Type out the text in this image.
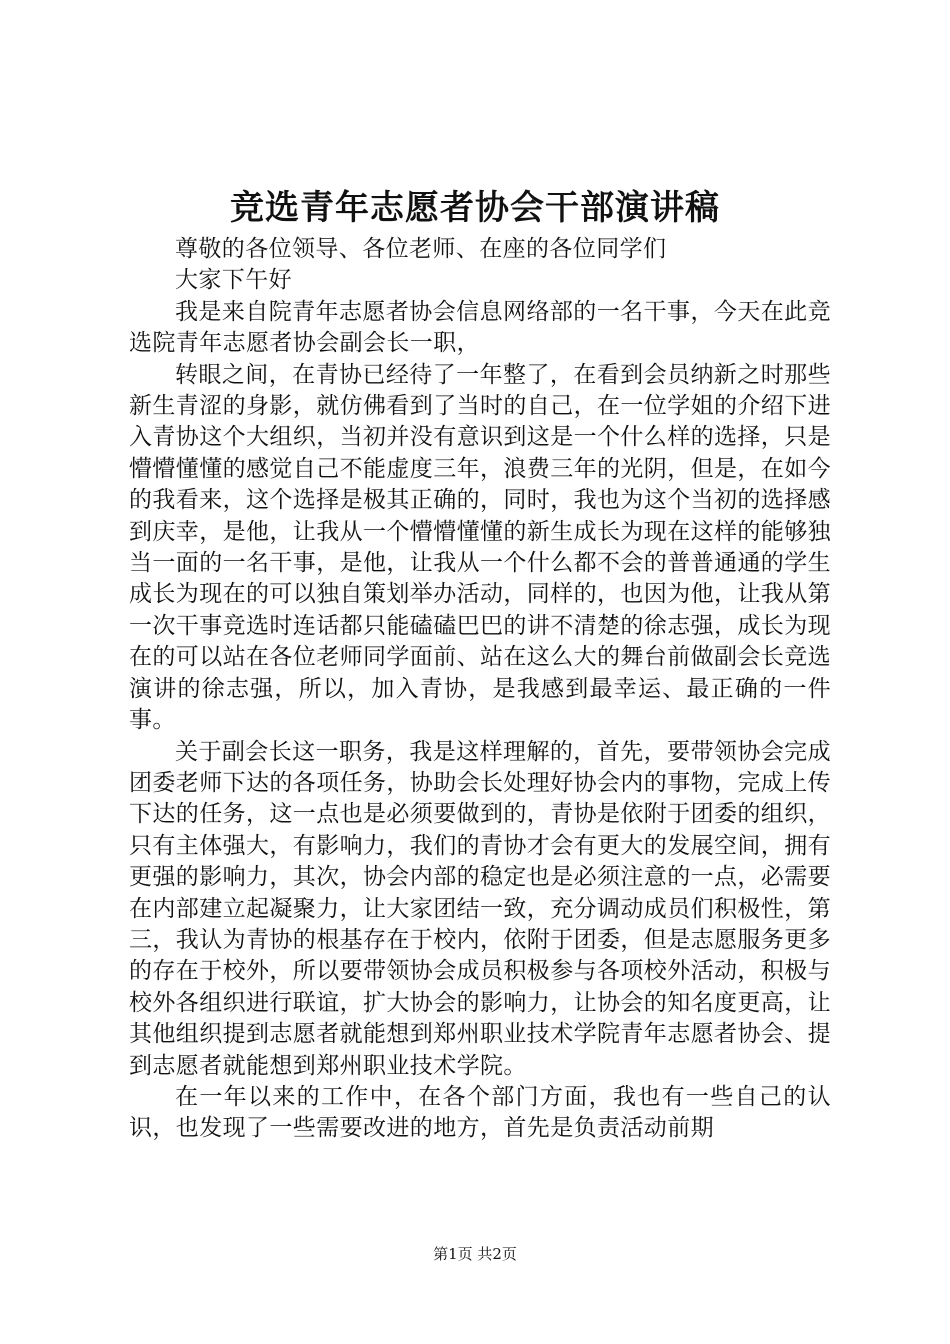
竞选青年志愿者协会干部演讲稿

尊敬的各位领导、各位老师、在座的各位同学们

大家下午好

我是来自院青年志愿者协会信息网络部的一名干事，今天在此竞选院青年志愿者协会副会长一职，

转眼之间，在青协已经待了一年整了，在看到会员纳新之时那些新生青涩的身影，就仿佛看到了当时的自己，在一位学姐的介绍下进入青协这个大组织，当初并没有意识到这是一个什么样的选择，只是懵懵懂懂的感觉自己不能虚度三年，浪费三年的光阴，但是，在如今的我看来，这个选择是极其正确的，同时，我也为这个当初的选择感到庆幸，是他，让我从一个懵懵懂懂的新生成长为现在这样的能够独当一面的一名干事，是他，让我从一个什么都不会的普普通通的学生成长为现在的可以独自策划举办活动，同样的，也因为他，让我从第一次干事竞选时连话都只能磕磕巴巴的讲不清楚的徐志强，成长为现在的可以站在各位老师同学面前、站在这么大的舞台前做副会长竞选演讲的徐志强，所以，加入青协，是我感到最幸运、最正确的一件事。

关于副会长这一职务，我是这样理解的，首先，要带领协会完成团委老师下达的各项任务，协助会长处理好协会内的事物，完成上传下达的任务，这一点也是必须要做到的，青协是依附于团委的组织，只有主体强大，有影响力，我们的青协才会有更大的发展空间，拥有更强的影响力，其次，协会内部的稳定也是必须注意的一点，必需要在内部建立起凝聚力，让大家团结一致，充分调动成员们积极性，第三，我认为青协的根基存在于校内，依附于团委，但是志愿服务更多的存在于校外，所以要带领协会成员积极参与各项校外活动，积极与校外各组织进行联谊，扩大协会的影响力，让协会的知名度更高，让其他组织提到志愿者就能想到郑州职业技术学院青年志愿者协会、提到志愿者就能想到郑州职业技术学院。

在一年以来的工作中，在各个部门方面，我也有一些自己的认识，也发现了一些需要改进的地方，首先是负责活动前期

第1页 共2页
